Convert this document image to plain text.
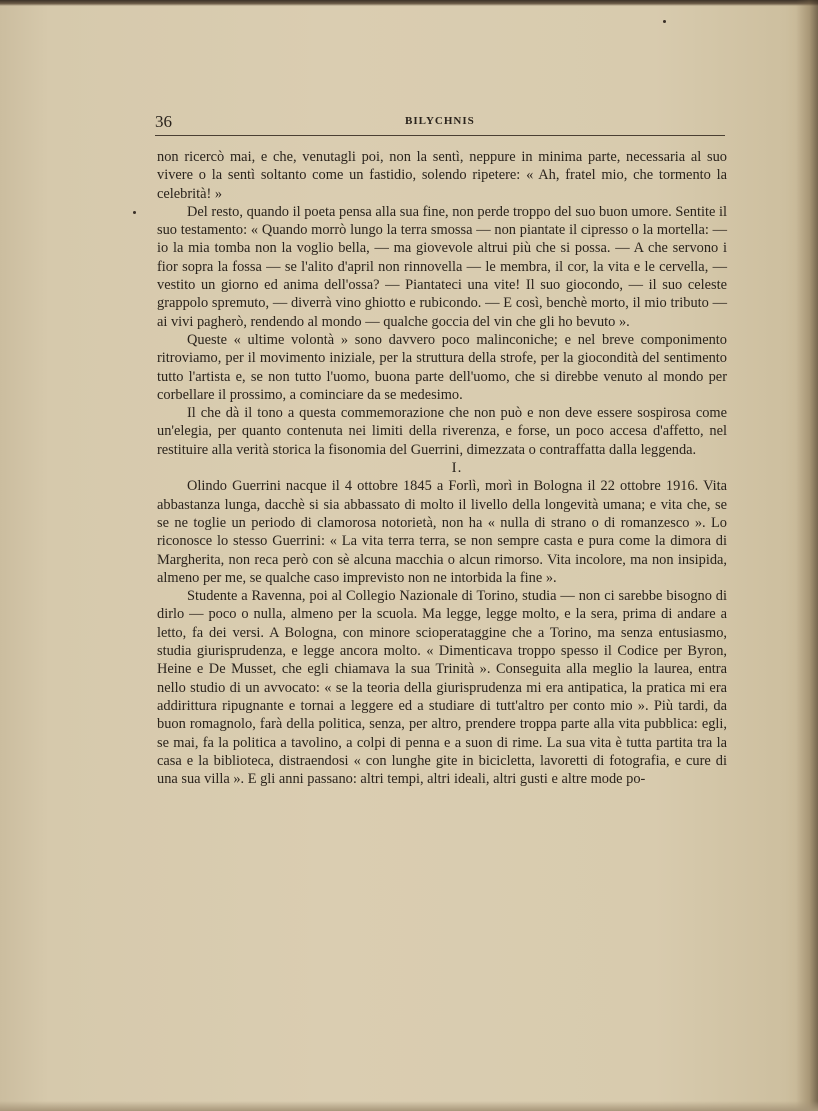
36	BILYCHNIS

non ricercò mai, e che, venutagli poi, non la sentì, neppure in minima parte, necessaria al suo vivere o la sentì soltanto come un fastidio, solendo ripetere: « Ah, fratel mio, che tormento la celebrità! »

Del resto, quando il poeta pensa alla sua fine, non perde troppo del suo buon umore. Sentite il suo testamento: « Quando morrò lungo la terra smossa — non piantate il cipresso o la mortella: — io la mia tomba non la voglio bella, — ma giovevole altrui più che si possa. — A che servono i fior sopra la fossa — se l'alito d'april non rinnovella — le membra, il cor, la vita e le cervella, — vestito un giorno ed anima dell'ossa? — Piantateci una vite! Il suo giocondo, — il suo celeste grappolo spremuto, — diverrà vino ghiotto e rubicondo. — E così, benchè morto, il mio tributo — ai vivi pagherò, rendendo al mondo — qualche goccia del vin che gli ho bevuto ».

Queste « ultime volontà » sono davvero poco malinconiche; e nel breve componimento ritroviamo, per il movimento iniziale, per la struttura della strofe, per la giocondità del sentimento tutto l'artista e, se non tutto l'uomo, buona parte dell'uomo, che si direbbe venuto al mondo per corbellare il prossimo, a cominciare da se medesimo.

Il che dà il tono a questa commemorazione che non può e non deve essere sospirosa come un'elegia, per quanto contenuta nei limiti della riverenza, e forse, un poco accesa d'affetto, nel restituire alla verità storica la fisonomia del Guerrini, dimezzata o contraffatta dalla leggenda.

I.

Olindo Guerrini nacque il 4 ottobre 1845 a Forlì, morì in Bologna il 22 ottobre 1916. Vita abbastanza lunga, dacchè si sia abbassato di molto il livello della longevità umana; e vita che, se se ne toglie un periodo di clamorosa notorietà, non ha « nulla di strano o di romanzesco ». Lo riconosce lo stesso Guerrini: « La vita terra terra, se non sempre casta e pura come la dimora di Margherita, non reca però con sè alcuna macchia o alcun rimorso. Vita incolore, ma non insipida, almeno per me, se qualche caso imprevisto non ne intorbida la fine ».

Studente a Ravenna, poi al Collegio Nazionale di Torino, studia — non ci sarebbe bisogno di dirlo — poco o nulla, almeno per la scuola. Ma legge, legge molto, e la sera, prima di andare a letto, fa dei versi. A Bologna, con minore scioperataggine che a Torino, ma senza entusiasmo, studia giurisprudenza, e legge ancora molto. « Dimenticava troppo spesso il Codice per Byron, Heine e De Musset, che egli chiamava la sua Trinità ». Conseguita alla meglio la laurea, entra nello studio di un avvocato: « se la teoria della giurisprudenza mi era antipatica, la pratica mi era addirittura ripugnante e tornai a leggere ed a studiare di tutt'altro per conto mio ». Più tardi, da buon romagnolo, farà della politica, senza, per altro, prendere troppa parte alla vita pubblica: egli, se mai, fa la politica a tavolino, a colpi di penna e a suon di rime. La sua vita è tutta partita tra la casa e la biblioteca, distraendosi « con lunghe gite in bicicletta, lavoretti di fotografia, e cure di una sua villa ». E gli anni passano: altri tempi, altri ideali, altri gusti e altre mode po-
